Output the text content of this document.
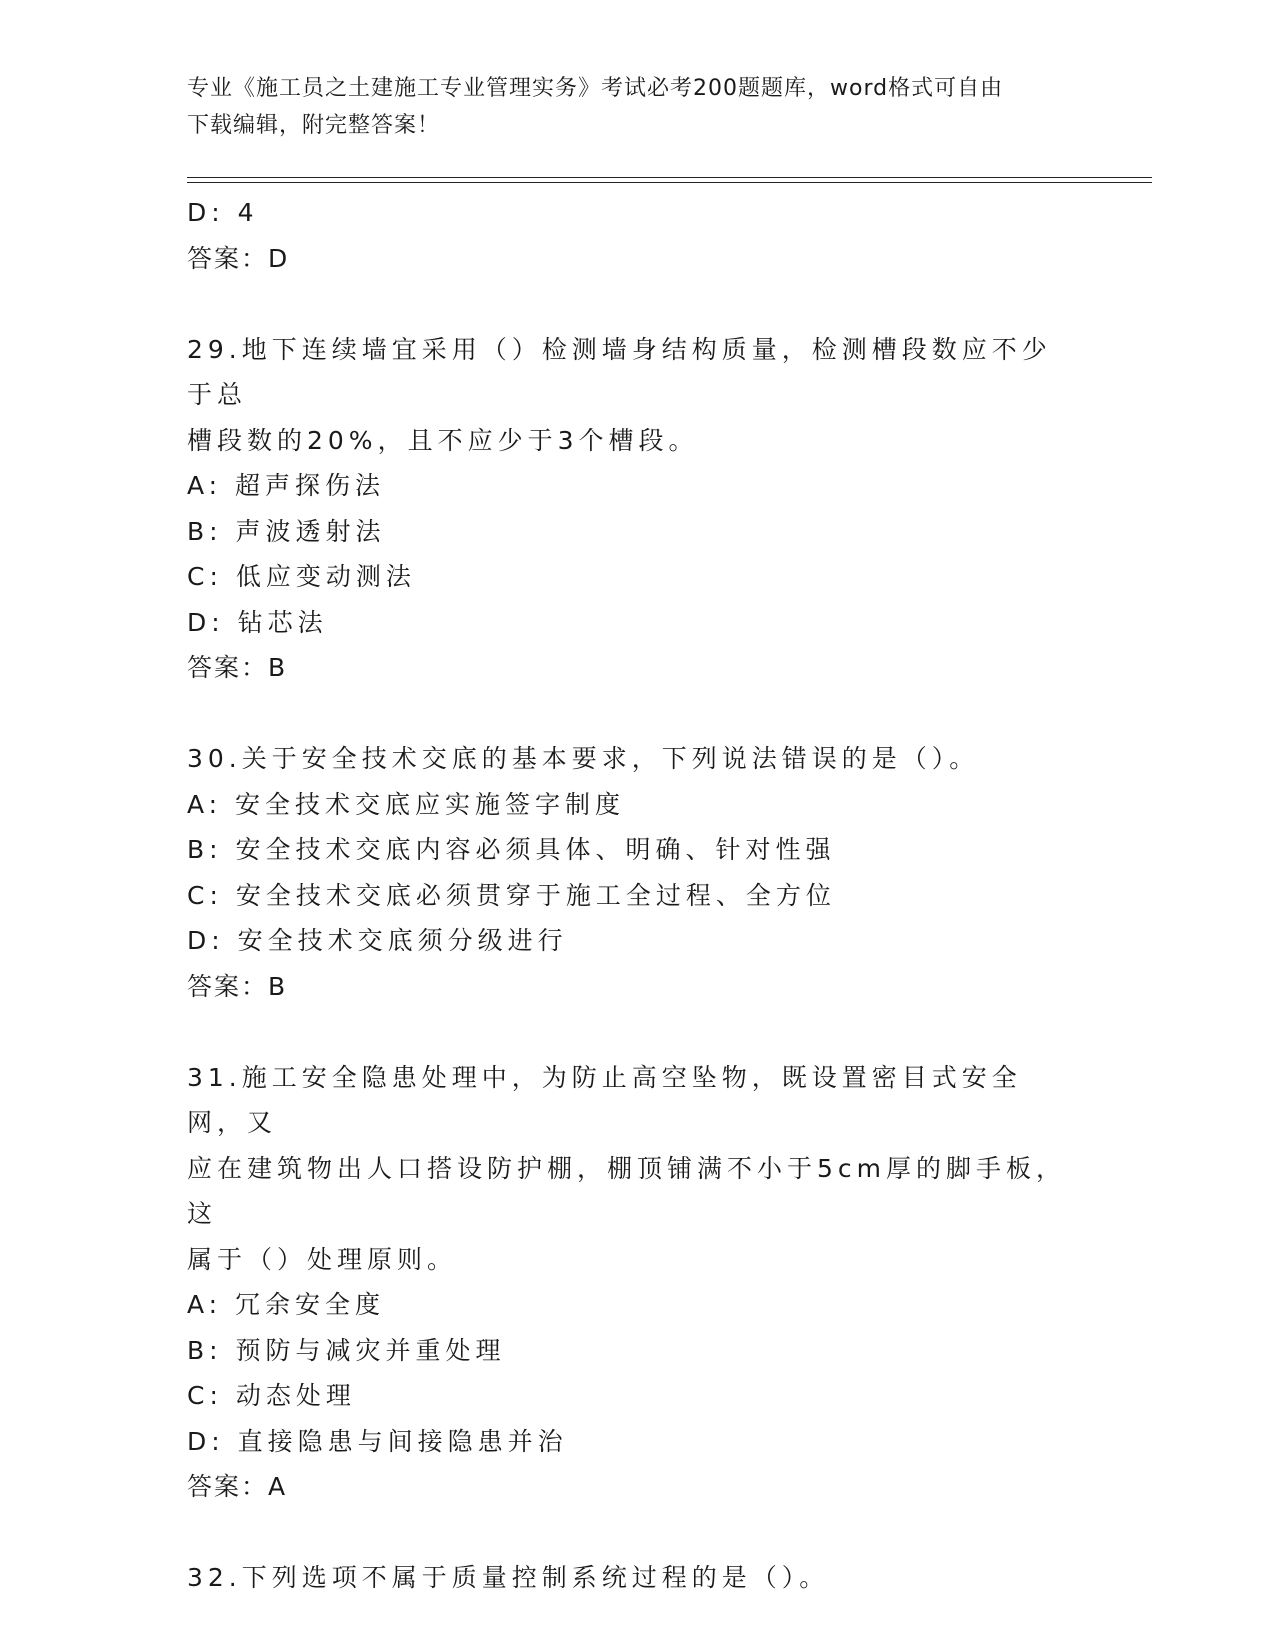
专业《施工员之土建施工专业管理实务》考试必考200题题库，word格式可自由
下载编辑，附完整答案！

D: 4

答案：D

29.地下连续墙宜采用（）检测墙身结构质量，检测槽段数应不少于总

槽段数的20%，且不应少于3个槽段。

A: 超声探伤法

B: 声波透射法

C: 低应变动测法

D: 钻芯法

答案：B

30.关于安全技术交底的基本要求，下列说法错误的是（）。

A: 安全技术交底应实施签字制度

B: 安全技术交底内容必须具体、明确、针对性强

C: 安全技术交底必须贯穿于施工全过程、全方位

D: 安全技术交底须分级进行

答案：B

31.施工安全隐患处理中，为防止高空坠物，既设置密目式安全网，又

应在建筑物出人口搭设防护棚，棚顶铺满不小于5cm厚的脚手板，这

属于（）处理原则。

A: 冗余安全度

B: 预防与减灾并重处理

C: 动态处理

D: 直接隐患与间接隐患并治

答案：A

32.下列选项不属于质量控制系统过程的是（）。
